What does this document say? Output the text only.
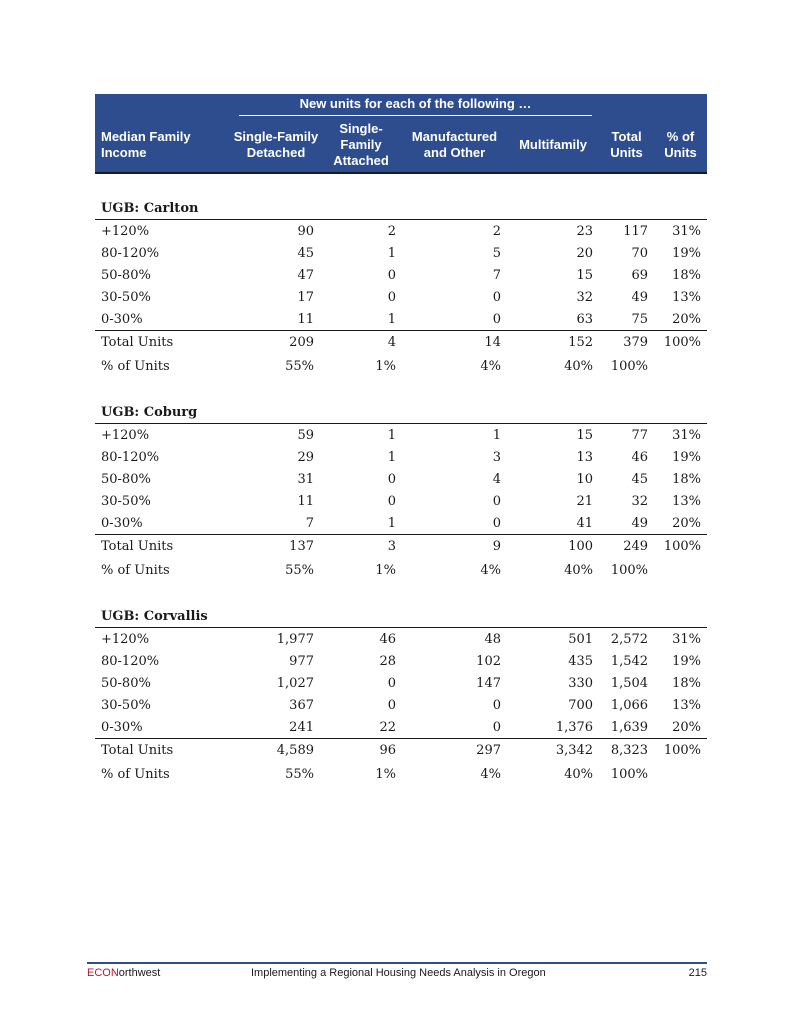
	New units for each of the following …					
Median Family Income	Single-Family Detached	Single-Family Attached	Manufactured and Other	Multifamily	Total Units	% of Units

UGB: Carlton						
+120%	90	2	2	23	117	31%
80-120%	45	1	5	20	70	19%
50-80%	47	0	7	15	69	18%
30-50%	17	0	0	32	49	13%
0-30%	11	1	0	63	75	20%
Total Units	209	4	14	152	379	100%
% of Units	55%	1%	4%	40%	100%	

UGB: Coburg						
+120%	59	1	1	15	77	31%
80-120%	29	1	3	13	46	19%
50-80%	31	0	4	10	45	18%
30-50%	11	0	0	21	32	13%
0-30%	7	1	0	41	49	20%
Total Units	137	3	9	100	249	100%
% of Units	55%	1%	4%	40%	100%	

UGB: Corvallis						
+120%	1,977	46	48	501	2,572	31%
80-120%	977	28	102	435	1,542	19%
50-80%	1,027	0	147	330	1,504	18%
30-50%	367	0	0	700	1,066	13%
0-30%	241	22	0	1,376	1,639	20%
Total Units	4,589	96	297	3,342	8,323	100%
% of Units	55%	1%	4%	40%	100%	
ECONorthwest	Implementing a Regional Housing Needs Analysis in Oregon	215
